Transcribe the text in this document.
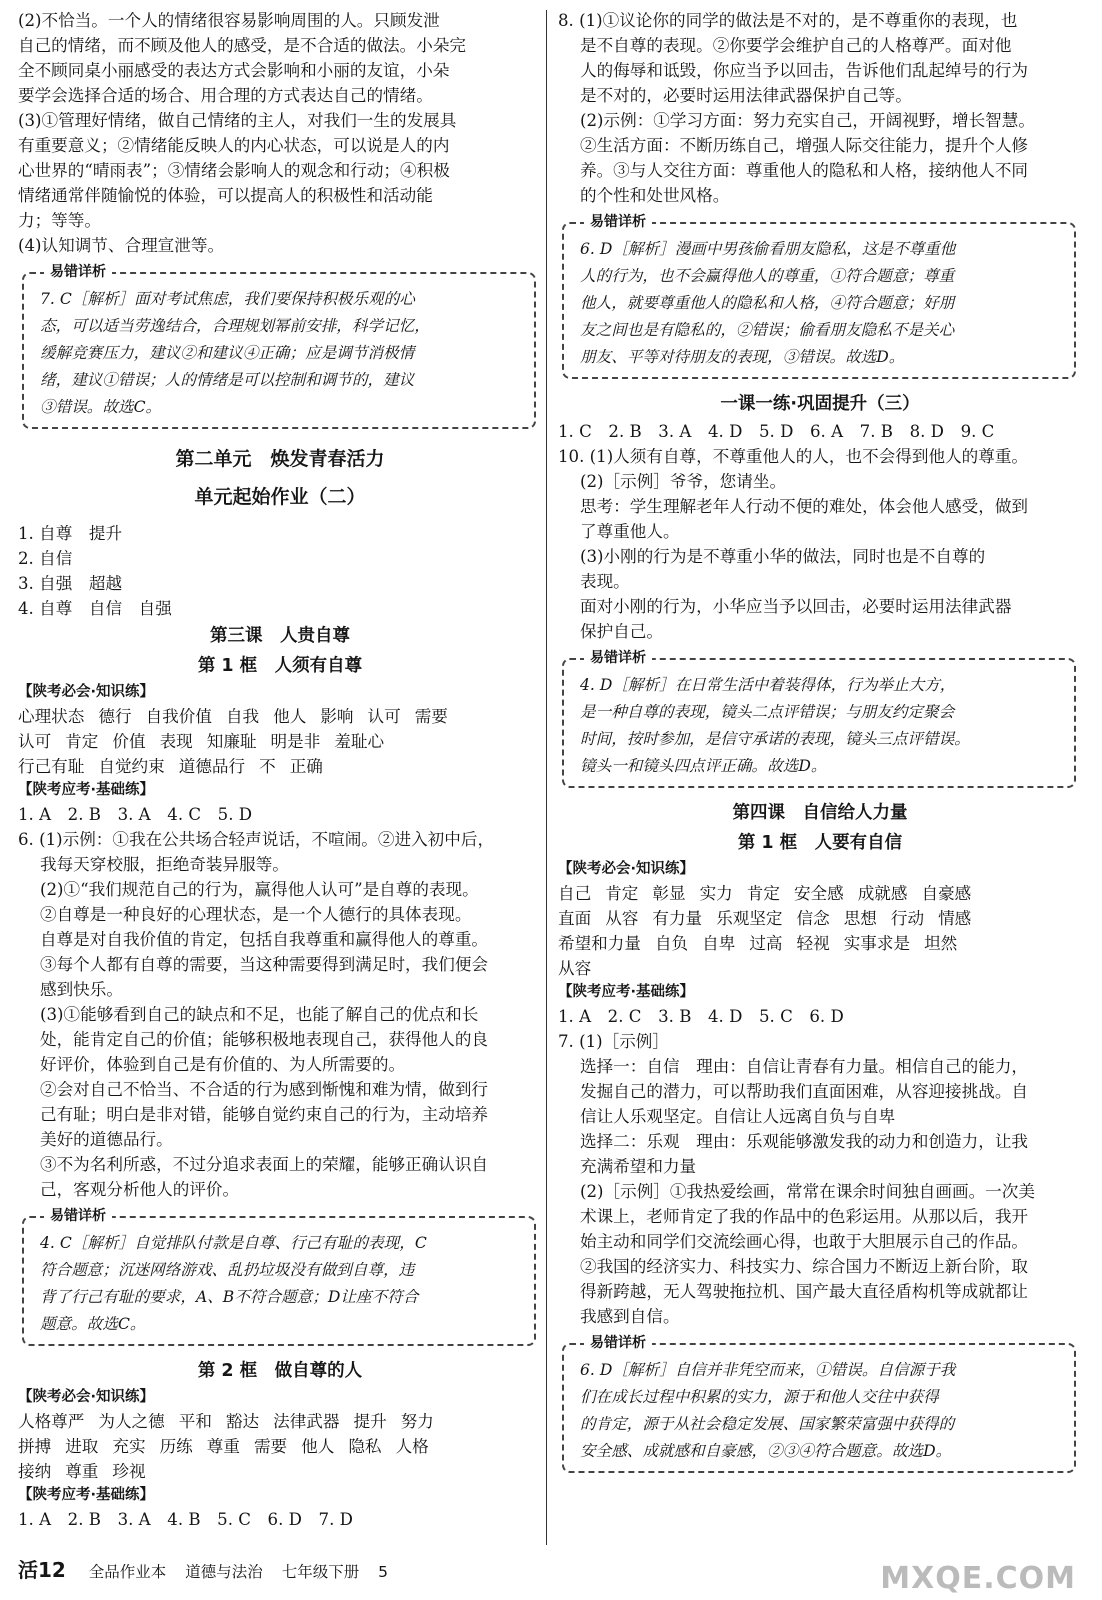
(2)不恰当。一个人的情绪很容易影响周围的人。只顾发泄
自己的情绪，而不顾及他人的感受，是不合适的做法。小朵完
全不顾同桌小丽感受的表达方式会影响和小丽的友谊，小朵
要学会选择合适的场合、用合理的方式表达自己的情绪。
(3)①管理好情绪，做自己情绪的主人，对我们一生的发展具
有重要意义；②情绪能反映人的内心状态，可以说是人的内
心世界的“晴雨表”；③情绪会影响人的观念和行动；④积极
情绪通常伴随愉悦的体验，可以提高人的积极性和活动能
力；等等。
(4)认知调节、合理宣泄等。
易错详析
7. C［解析］面对考试焦虑，我们要保持积极乐观的心
态，可以适当劳逸结合，合理规划幂前安排，科学记忆，
缓解竞赛压力，建议②和建议④正确；应是调节消极情
绪，建议①错误；人的情绪是可以控制和调节的，建议
③错误。故选C。
第二单元　焕发青春活力
单元起始作业（二）
1. 自尊　提升
2. 自信
3. 自强　超越
4. 自尊　自信　自强
第三课　人贵自尊
第 1 框　人须有自尊
【陕考必会·知识练】
心理状态 德行 自我价值 自我 他人 影响 认可 需要
认可 肯定 价值 表现 知廉耻 明是非 羞耻心
行己有耻 自觉约束 道德品行 不 正确
【陕考应考·基础练】
1. A　2. B　3. A　4. C　5. D
6. (1)示例：①我在公共场合轻声说话，不喧闹。②进入初中后，
我每天穿校服，拒绝奇装异服等。
(2)①“我们规范自己的行为，赢得他人认可”是自尊的表现。
②自尊是一种良好的心理状态，是一个人德行的具体表现。
自尊是对自我价值的肯定，包括自我尊重和赢得他人的尊重。
③每个人都有自尊的需要，当这种需要得到满足时，我们便会
感到快乐。
(3)①能够看到自己的缺点和不足，也能了解自己的优点和长
处，能肯定自己的价值；能够积极地表现自己，获得他人的良
好评价，体验到自己是有价值的、为人所需要的。
②会对自己不恰当、不合适的行为感到惭愧和难为情，做到行
己有耻；明白是非对错，能够自觉约束自己的行为，主动培养
美好的道德品行。
③不为名利所惑，不过分追求表面上的荣耀，能够正确认识自
己，客观分析他人的评价。
易错详析
4. C［解析］自觉排队付款是自尊、行己有耻的表现，C
符合题意；沉迷网络游戏、乱扔垃圾没有做到自尊，违
背了行己有耻的要求，A、B不符合题意；D让座不符合
题意。故选C。
第 2 框　做自尊的人
【陕考必会·知识练】
人格尊严 为人之德 平和 豁达 法律武器 提升 努力
拼搏 进取 充实 历练 尊重 需要 他人 隐私 人格
接纳 尊重 珍视
【陕考应考·基础练】
1. A　2. B　3. A　4. B　5. C　6. D　7. D
8. (1)①议论你的同学的做法是不对的，是不尊重你的表现，也
是不自尊的表现。②你要学会维护自己的人格尊严。面对他
人的侮辱和诋毁，你应当予以回击，告诉他们乱起绰号的行为
是不对的，必要时运用法律武器保护自己等。
(2)示例：①学习方面：努力充实自己，开阔视野，增长智慧。
②生活方面：不断历练自己，增强人际交往能力，提升个人修
养。③与人交往方面：尊重他人的隐私和人格，接纳他人不同
的个性和处世风格。
易错详析
6. D［解析］漫画中男孩偷看朋友隐私，这是不尊重他
人的行为，也不会赢得他人的尊重，①符合题意；尊重
他人，就要尊重他人的隐私和人格，④符合题意；好朋
友之间也是有隐私的，②错误；偷看朋友隐私不是关心
朋友、平等对待朋友的表现，③错误。故选D。
一课一练·巩固提升（三）
1. C　2. B　3. A　4. D　5. D　6. A　7. B　8. D　9. C
10. (1)人须有自尊，不尊重他人的人，也不会得到他人的尊重。
(2)［示例］爷爷，您请坐。
思考：学生理解老年人行动不便的难处，体会他人感受，做到
了尊重他人。
(3)小刚的行为是不尊重小华的做法，同时也是不自尊的
表现。
面对小刚的行为，小华应当予以回击，必要时运用法律武器
保护自己。
易错详析
4. D［解析］在日常生活中着装得体，行为举止大方，
是一种自尊的表现，镜头二点评错误；与朋友约定聚会
时间，按时参加，是信守承诺的表现，镜头三点评错误。
镜头一和镜头四点评正确。故选D。
第四课　自信给人力量
第 1 框　人要有自信
【陕考必会·知识练】
自己 肯定 彰显 实力 肯定 安全感 成就感 自豪感
直面 从容 有力量 乐观坚定 信念 思想 行动 情感
希望和力量 自负 自卑 过高 轻视 实事求是 坦然
从容
【陕考应考·基础练】
1. A　2. C　3. B　4. D　5. C　6. D
7. (1)［示例］
选择一：自信　理由：自信让青春有力量。相信自己的能力，
发掘自己的潜力，可以帮助我们直面困难，从容迎接挑战。自
信让人乐观坚定。自信让人远离自负与自卑
选择二：乐观　理由：乐观能够激发我的动力和创造力，让我
充满希望和力量
(2)［示例］①我热爱绘画，常常在课余时间独自画画。一次美
术课上，老师肯定了我的作品中的色彩运用。从那以后，我开
始主动和同学们交流绘画心得，也敢于大胆展示自己的作品。
②我国的经济实力、科技实力、综合国力不断迈上新台阶，取
得新跨越，无人驾驶拖拉机、国产最大直径盾构机等成就都让
我感到自信。
易错详析
6. D［解析］自信并非凭空而来，①错误。自信源于我
们在成长过程中积累的实力，源于和他人交往中获得
的肯定，源于从社会稳定发展、国家繁荣富强中获得的
安全感、成就感和自豪感，②③④符合题意。故选D。
活12 全品作业本 道德与法治 七年级下册 5	MXQE.COM
